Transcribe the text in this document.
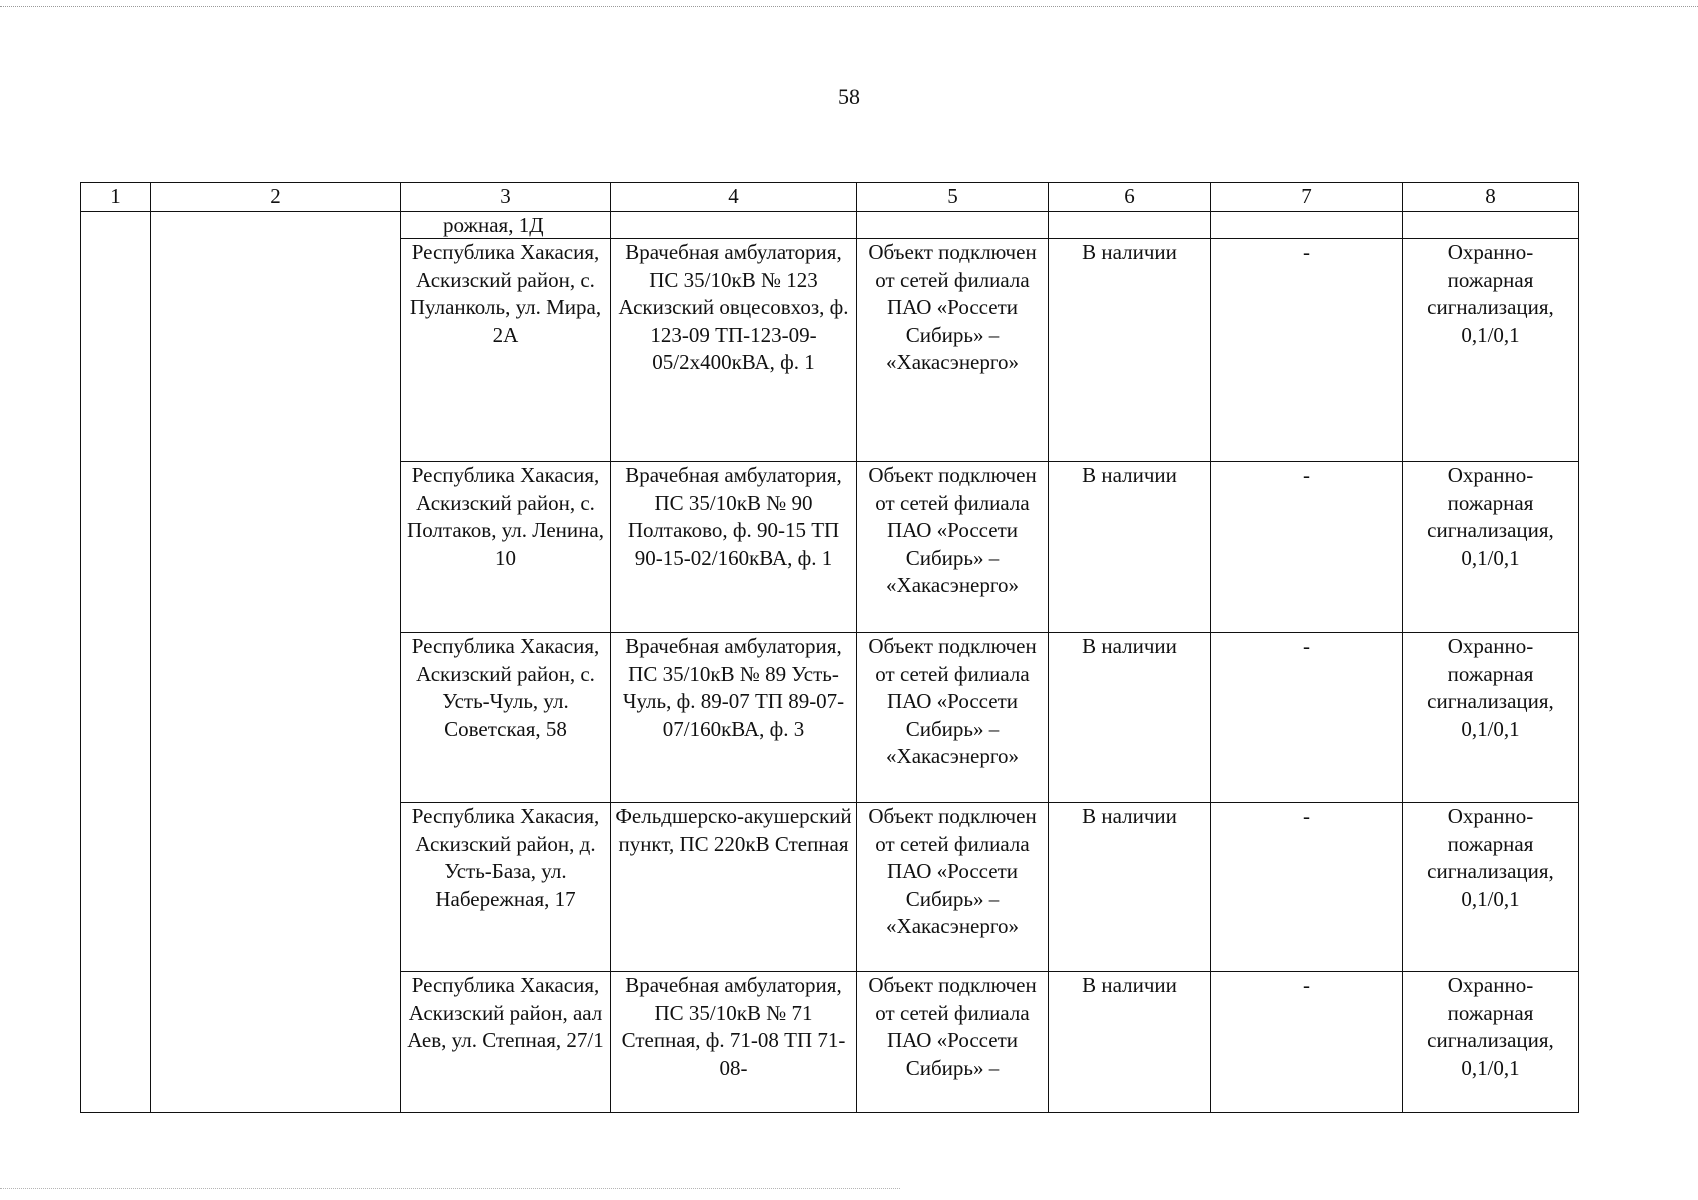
58
1	2	3	4	5	6	7	8
		рожная, 1Д					
		Республика Хакасия, Аскизский район, с. Пуланколь, ул. Мира, 2А	Врачебная амбулатория, ПС 35/10кВ № 123 Аскизский овцесовхоз, ф. 123-09 ТП-123-09-05/2х400кВА, ф. 1	Объект подключен от сетей филиала ПАО «Россети Сибирь» – «Хакасэнерго»	В наличии	-	Охранно-пожарная сигнализация, 0,1/0,1
		Республика Хакасия, Аскизский район, с. Полтаков, ул. Ленина, 10	Врачебная амбулатория, ПС 35/10кВ № 90 Полтаково, ф. 90-15 ТП 90-15-02/160кВА, ф. 1	Объект подключен от сетей филиала ПАО «Россети Сибирь» – «Хакасэнерго»	В наличии	-	Охранно-пожарная сигнализация, 0,1/0,1
		Республика Хакасия, Аскизский район, с. Усть-Чуль, ул. Советская, 58	Врачебная амбулатория, ПС 35/10кВ № 89 Усть-Чуль, ф. 89-07 ТП 89-07-07/160кВА, ф. 3	Объект подключен от сетей филиала ПАО «Россети Сибирь» – «Хакасэнерго»	В наличии	-	Охранно-пожарная сигнализация, 0,1/0,1
		Республика Хакасия, Аскизский район, д. Усть-База, ул. Набережная, 17	Фельдшерско-акушерский пункт, ПС 220кВ Степная	Объект подключен от сетей филиала ПАО «Россети Сибирь» – «Хакасэнерго»	В наличии	-	Охранно-пожарная сигнализация, 0,1/0,1
		Республика Хакасия, Аскизский район, аал Аев, ул. Степная, 27/1	Врачебная амбулатория, ПС 35/10кВ № 71 Степная, ф. 71-08 ТП 71-08-	Объект подключен от сетей филиала ПАО «Россети Сибирь» –	В наличии	-	Охранно-пожарная сигнализация, 0,1/0,1
